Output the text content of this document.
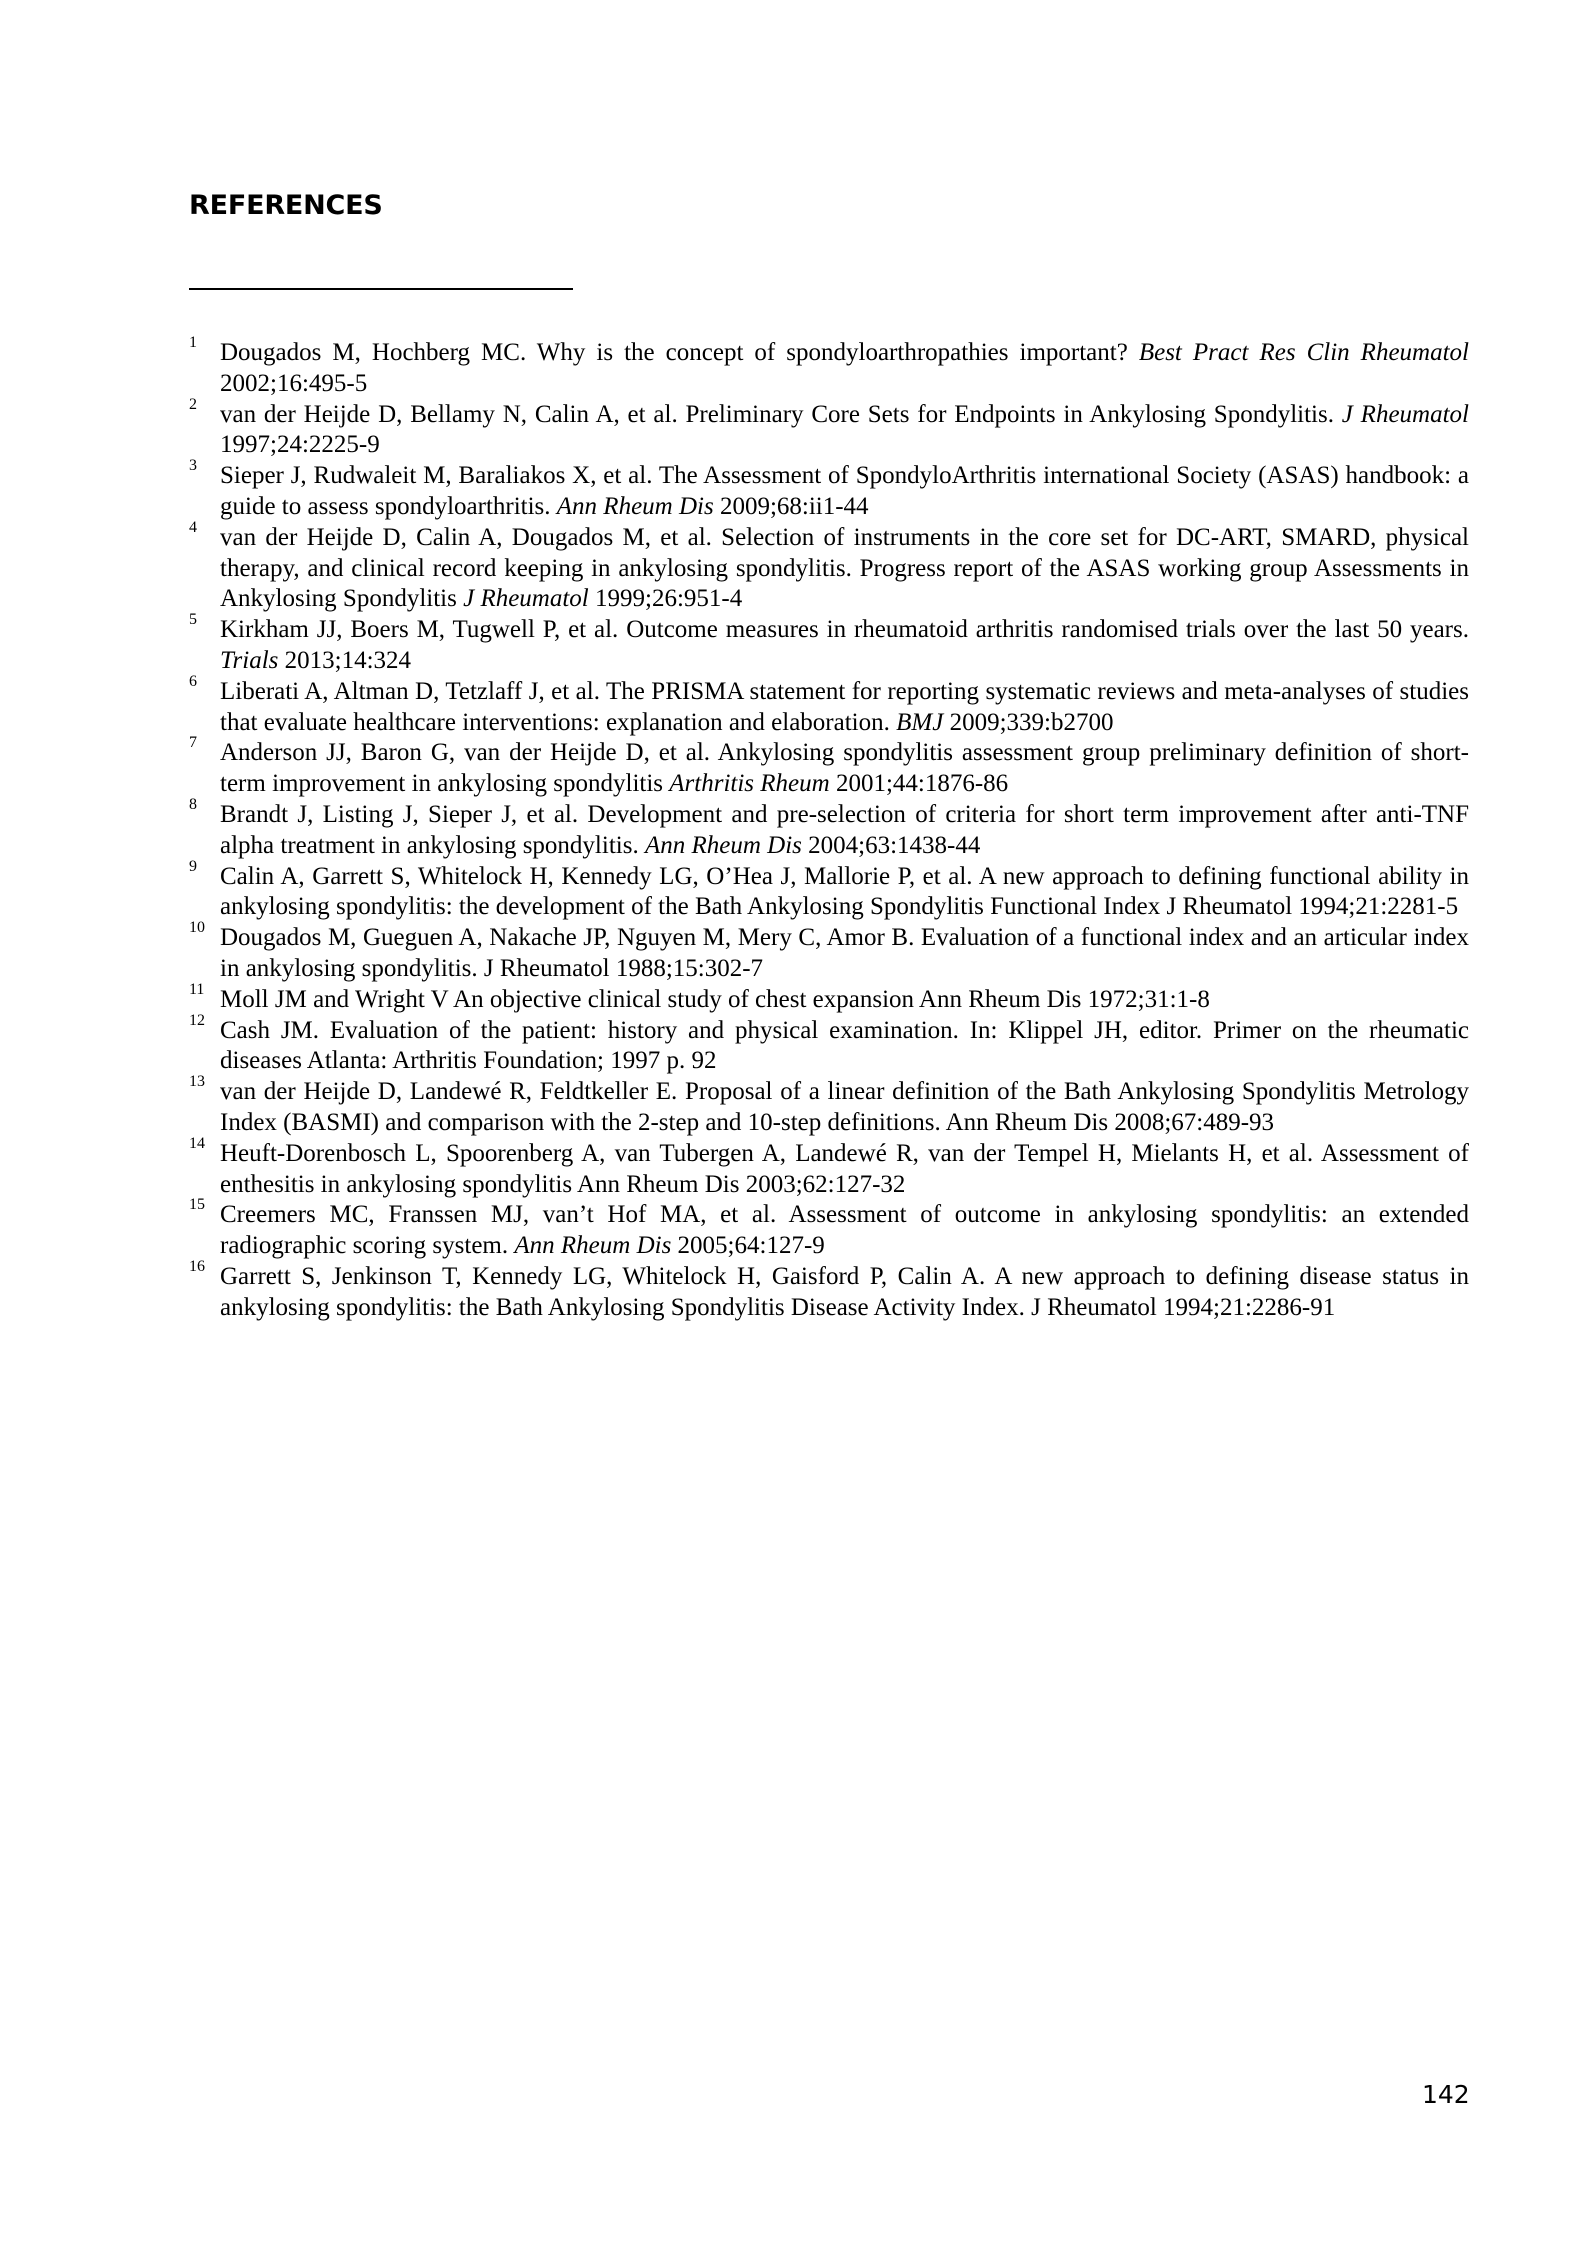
REFERENCES
1 Dougados M, Hochberg MC. Why is the concept of spondyloarthropathies important? Best Pract Res Clin Rheumatol 2002;16:495-5
2 van der Heijde D, Bellamy N, Calin A, et al. Preliminary Core Sets for Endpoints in Ankylosing Spondylitis. J Rheumatol 1997;24:2225-9
3 Sieper J, Rudwaleit M, Baraliakos X, et al. The Assessment of SpondyloArthritis international Society (ASAS) handbook: a guide to assess spondyloarthritis. Ann Rheum Dis 2009;68:ii1-44
4 van der Heijde D, Calin A, Dougados M, et al. Selection of instruments in the core set for DC-ART, SMARD, physical therapy, and clinical record keeping in ankylosing spondylitis. Progress report of the ASAS working group Assessments in Ankylosing Spondylitis J Rheumatol 1999;26:951-4
5 Kirkham JJ, Boers M, Tugwell P, et al. Outcome measures in rheumatoid arthritis randomised trials over the last 50 years. Trials 2013;14:324
6 Liberati A, Altman D, Tetzlaff J, et al. The PRISMA statement for reporting systematic reviews and meta-analyses of studies that evaluate healthcare interventions: explanation and elaboration. BMJ 2009;339:b2700
7 Anderson JJ, Baron G, van der Heijde D, et al. Ankylosing spondylitis assessment group preliminary definition of short-term improvement in ankylosing spondylitis Arthritis Rheum 2001;44:1876-86
8 Brandt J, Listing J, Sieper J, et al. Development and pre-selection of criteria for short term improvement after anti-TNF alpha treatment in ankylosing spondylitis. Ann Rheum Dis 2004;63:1438-44
9 Calin A, Garrett S, Whitelock H, Kennedy LG, O’Hea J, Mallorie P, et al. A new approach to defining functional ability in ankylosing spondylitis: the development of the Bath Ankylosing Spondylitis Functional Index J Rheumatol 1994;21:2281-5
10 Dougados M, Gueguen A, Nakache JP, Nguyen M, Mery C, Amor B. Evaluation of a functional index and an articular index in ankylosing spondylitis. J Rheumatol 1988;15:302-7
11 Moll JM and Wright V An objective clinical study of chest expansion Ann Rheum Dis 1972;31:1-8
12 Cash JM. Evaluation of the patient: history and physical examination. In: Klippel JH, editor. Primer on the rheumatic diseases Atlanta: Arthritis Foundation; 1997 p. 92
13 van der Heijde D, Landewé R, Feldtkeller E. Proposal of a linear definition of the Bath Ankylosing Spondylitis Metrology Index (BASMI) and comparison with the 2-step and 10-step definitions. Ann Rheum Dis 2008;67:489-93
14 Heuft-Dorenbosch L, Spoorenberg A, van Tubergen A, Landewé R, van der Tempel H, Mielants H, et al. Assessment of enthesitis in ankylosing spondylitis Ann Rheum Dis 2003;62:127-32
15 Creemers MC, Franssen MJ, van’t Hof MA, et al. Assessment of outcome in ankylosing spondylitis: an extended radiographic scoring system. Ann Rheum Dis 2005;64:127-9
16 Garrett S, Jenkinson T, Kennedy LG, Whitelock H, Gaisford P, Calin A. A new approach to defining disease status in ankylosing spondylitis: the Bath Ankylosing Spondylitis Disease Activity Index. J Rheumatol 1994;21:2286-91
142
